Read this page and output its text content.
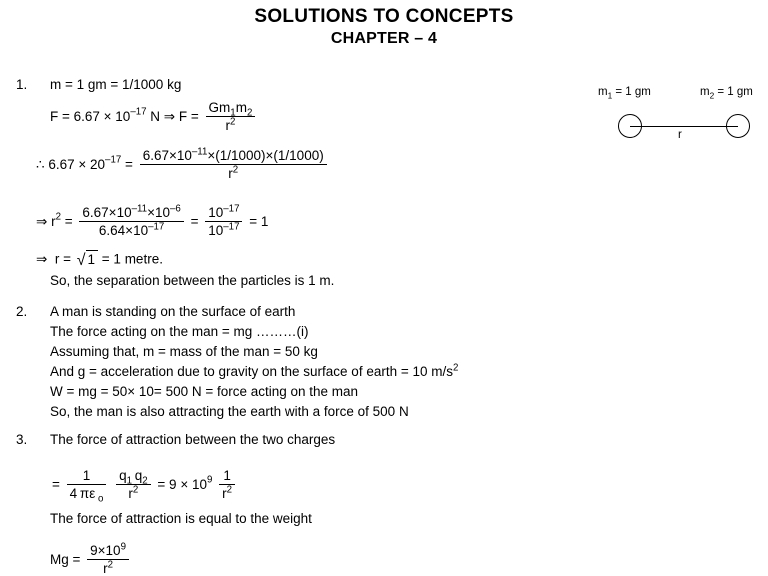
SOLUTIONS TO CONCEPTS
CHAPTER – 4
1. m = 1 gm = 1/1000 kg
$F = 6.67 \times 10^{-17}$ N ⇒ $F = \frac{Gm_1m_2}{r^2}$
∴ $6.67 \times 20^{-17} = \frac{6.67\times 10^{-11}\times(1/1000)\times(1/1000)}{r^2}$
⇒ $r^2 = \frac{6.67\times 10^{-11}\times 10^{-6}}{6.64\times 10^{-17}} = \frac{10^{-17}}{10^{-17}} = 1$
⇒ r = √ 1 = 1 metre.
So, the separation between the particles is 1 m.
$m_1 = 1$ gm	$m_2 = 1$ gm
r
2. A man is standing on the surface of earth
The force acting on the man = mg ………(i)
Assuming that, m = mass of the man = 50 kg
And g = acceleration due to gravity on the surface of earth = 10 $m/s^2$
W = mg = 50× 10= 500 N = force acting on the man
So, the man is also attracting the earth with a force of 500 N
3. The force of attraction between the two charges
= $\frac{1}{4 \pi\varepsilon _o}$
$\frac{q_1 q_2}{r^2} = 9 \times 10^9 \frac{1}{r^2}$
The force of attraction is equal to the weight
$Mg = \frac{9\times 10^9}{r^2}$
